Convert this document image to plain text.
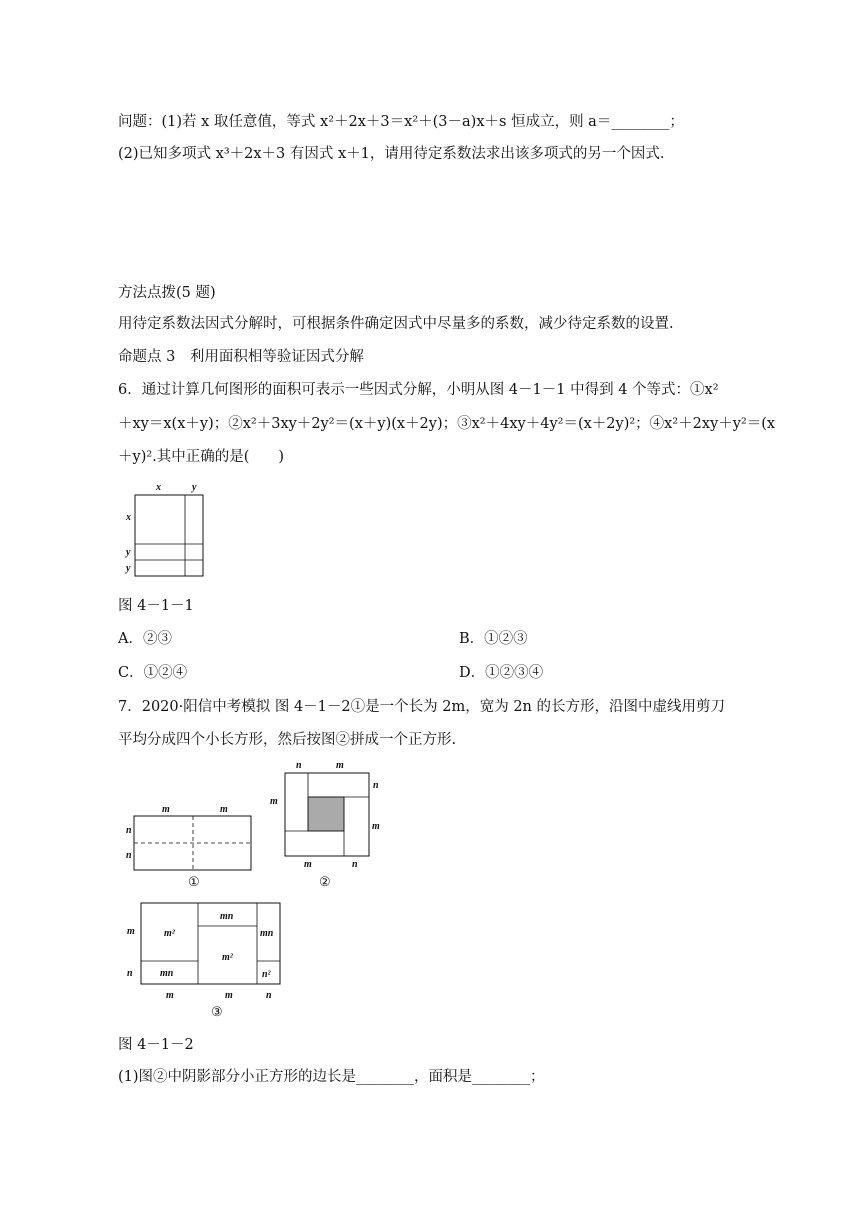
问题：(1)若 x 取任意值，等式 x²＋2x＋3＝x²＋(3－a)x＋s 恒成立，则 a＝________；
(2)已知多项式 x³＋2x＋3 有因式 x＋1，请用待定系数法求出该多项式的另一个因式.
方法点拨(5 题)
用待定系数法因式分解时，可根据条件确定因式中尽量多的系数，减少待定系数的设置.
命题点 3　利用面积相等验证因式分解
6．通过计算几何图形的面积可表示一些因式分解，小明从图 4－1－1 中得到 4 个等式：①x²
＋xy＝x(x＋y)；②x²＋3xy＋2y²＝(x＋y)(x＋2y)；③x²＋4xy＋4y²＝(x＋2y)²；④x²＋2xy＋y²＝(x
＋y)².其中正确的是(　　)
x	y
x
y
y
图 4－1－1
A．②③	B．①②③
C．①②④	D．①②③④
7．2020·阳信中考模拟 图 4－1－2①是一个长为 2m，宽为 2n 的长方形，沿图中虚线用剪刀
平均分成四个小长方形，然后按图②拼成一个正方形.
m	m
n
n
①
n	m
m
n
m
m	n
②
m²
mn
m²
mn
mn	n²
m
n
m	m	n
③
图 4－1－2
(1)图②中阴影部分小正方形的边长是________，面积是________；
